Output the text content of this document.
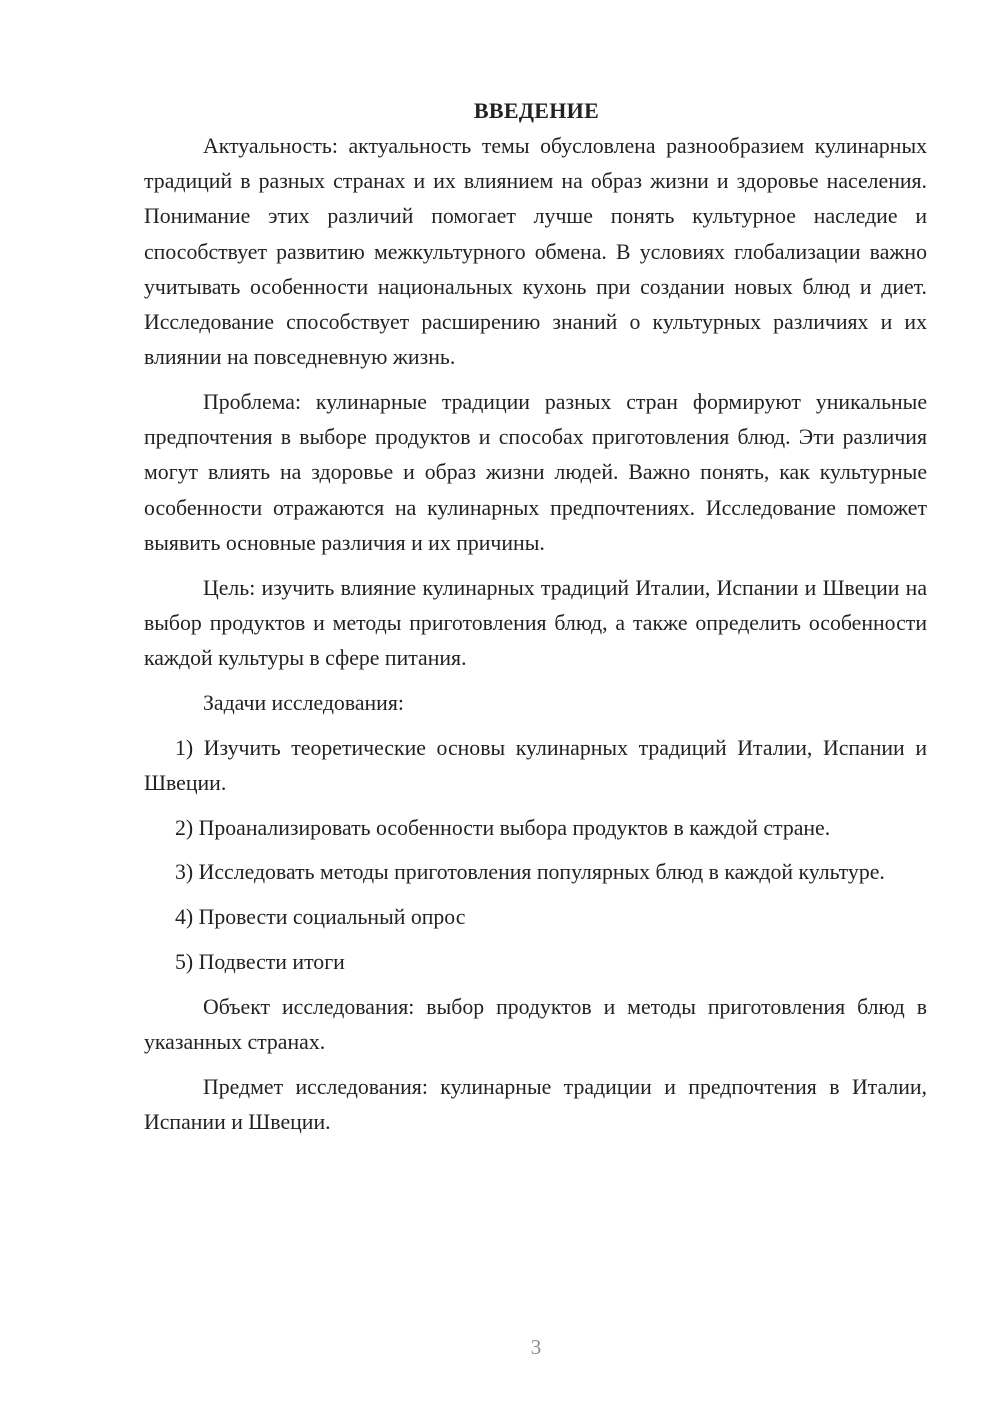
ВВЕДЕНИЕ

Актуальность: актуальность темы обусловлена разнообразием кулинарных традиций в разных странах и их влиянием на образ жизни и здоровье населения. Понимание этих различий помогает лучше понять культурное наследие и способствует развитию межкультурного обмена. В условиях глобализации важно учитывать особенности национальных кухонь при создании новых блюд и диет. Исследование способствует расширению знаний о культурных различиях и их влиянии на повседневную жизнь.

Проблема: кулинарные традиции разных стран формируют уникальные предпочтения в выборе продуктов и способах приготовления блюд. Эти различия могут влиять на здоровье и образ жизни людей. Важно понять, как культурные особенности отражаются на кулинарных предпочтениях. Исследование поможет выявить основные различия и их причины.

Цель: изучить влияние кулинарных традиций Италии, Испании и Швеции на выбор продуктов и методы приготовления блюд, а также определить особенности каждой культуры в сфере питания.

Задачи исследования:

1) Изучить теоретические основы кулинарных традиций Италии, Испании и Швеции.

2) Проанализировать особенности выбора продуктов в каждой стране.

3) Исследовать методы приготовления популярных блюд в каждой культуре.

4) Провести социальный опрос

5) Подвести итоги

Объект исследования: выбор продуктов и методы приготовления блюд в указанных странах.

Предмет исследования: кулинарные традиции и предпочтения в Италии, Испании и Швеции.

3
